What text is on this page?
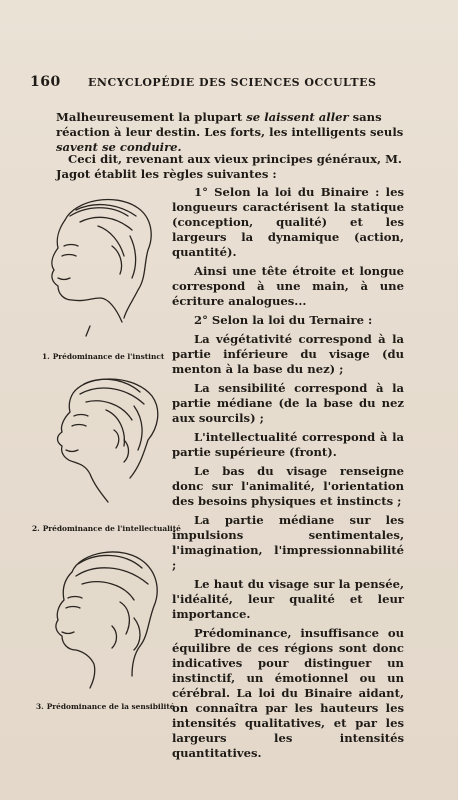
160 ENCYCLOPÉDIE DES SCIENCES OCCULTES
Malheureusement la plupart se laissent aller sans réaction à leur destin. Les forts, les intelligents seuls savent se conduire.
Ceci dit, revenant aux vieux principes généraux, M. Jagot établit les règles suivantes :

1° Selon la loi du Binaire : les longueurs caractérisent la statique (conception, qualité) et les largeurs la dynamique (action, quantité).

Ainsi une tête étroite et longue correspond à une main, à une écriture analogues...

2° Selon la loi du Ternaire :

La végétativité correspond à la partie inférieure du visage (du menton à la base du nez) ;

La sensibilité correspond à la partie médiane (de la base du nez aux sourcils) ;

L'intellectualité correspond à la partie supérieure (front).

Le bas du visage renseigne donc sur l'animalité, l'orientation des besoins physiques et instincts ;

La partie médiane sur les impulsions sentimentales, l'imagination, l'impressionnabilité ;

Le haut du visage sur la pensée, l'idéalité, leur qualité et leur importance.

Prédominance, insuffisance ou équilibre de ces régions sont donc indicatives pour distinguer un instinctif, un émotionnel ou un cérébral. La loi du Binaire aidant, on connaîtra par les hauteurs les intensités qualitatives, et par les largeurs les intensités quantitatives.

1. Prédominance de l'instinct
2. Prédominance de l'intellectualité
3. Prédominance de la sensibilité
